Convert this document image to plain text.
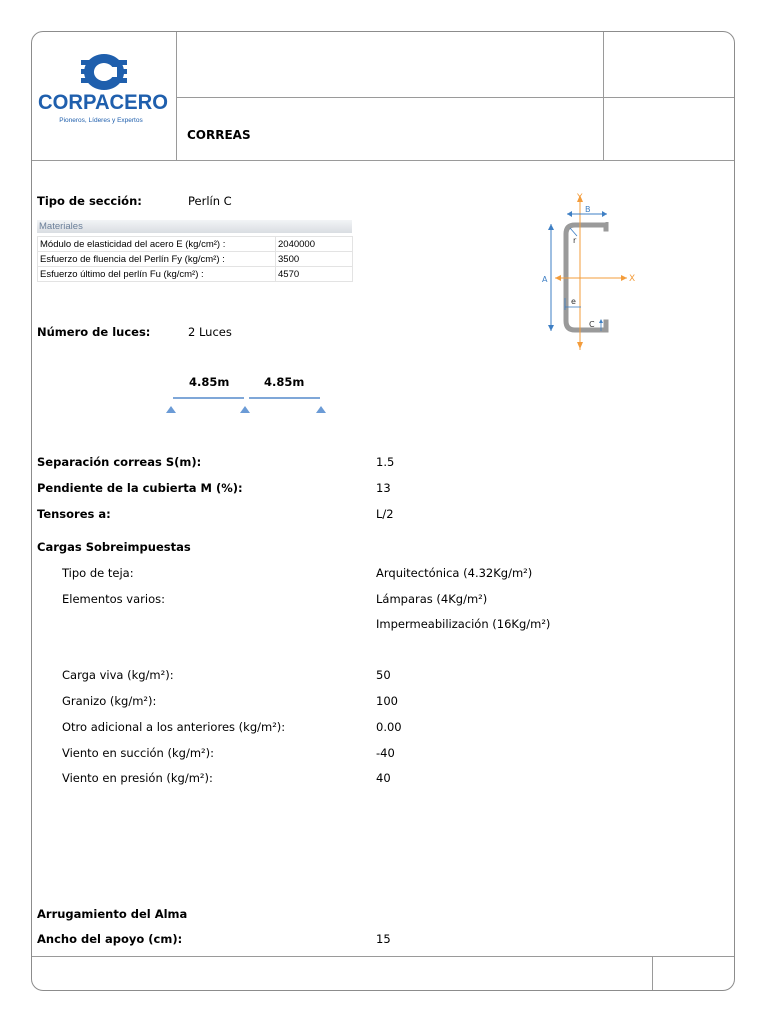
CORPACERO
Pioneros, Líderes y Expertos
CORREAS
Tipo de sección:	Perlín C
Materiales
Módulo de elasticidad del acero E (kg/cm²) :	2040000
Esfuerzo de fluencia del Perlín Fy (kg/cm²) :	3500
Esfuerzo último del perlín Fu (kg/cm²) :	4570
Y
X
B
A
r
e
C
Número de luces:	2 Luces
4.85m	4.85m
Separación correas S(m):	1.5
Pendiente de la cubierta M (%):	13
Tensores a:	L/2
Cargas Sobreimpuestas
Tipo de teja:	Arquitectónica (4.32Kg/m²)
Elementos varios:	Lámparas (4Kg/m²)
Impermeabilización (16Kg/m²)
Carga viva (kg/m²):	50
Granizo (kg/m²):	100
Otro adicional a los anteriores (kg/m²):	0.00
Viento en succión (kg/m²):	-40
Viento en presión (kg/m²):	40
Arrugamiento del Alma
Ancho del apoyo (cm):	15
